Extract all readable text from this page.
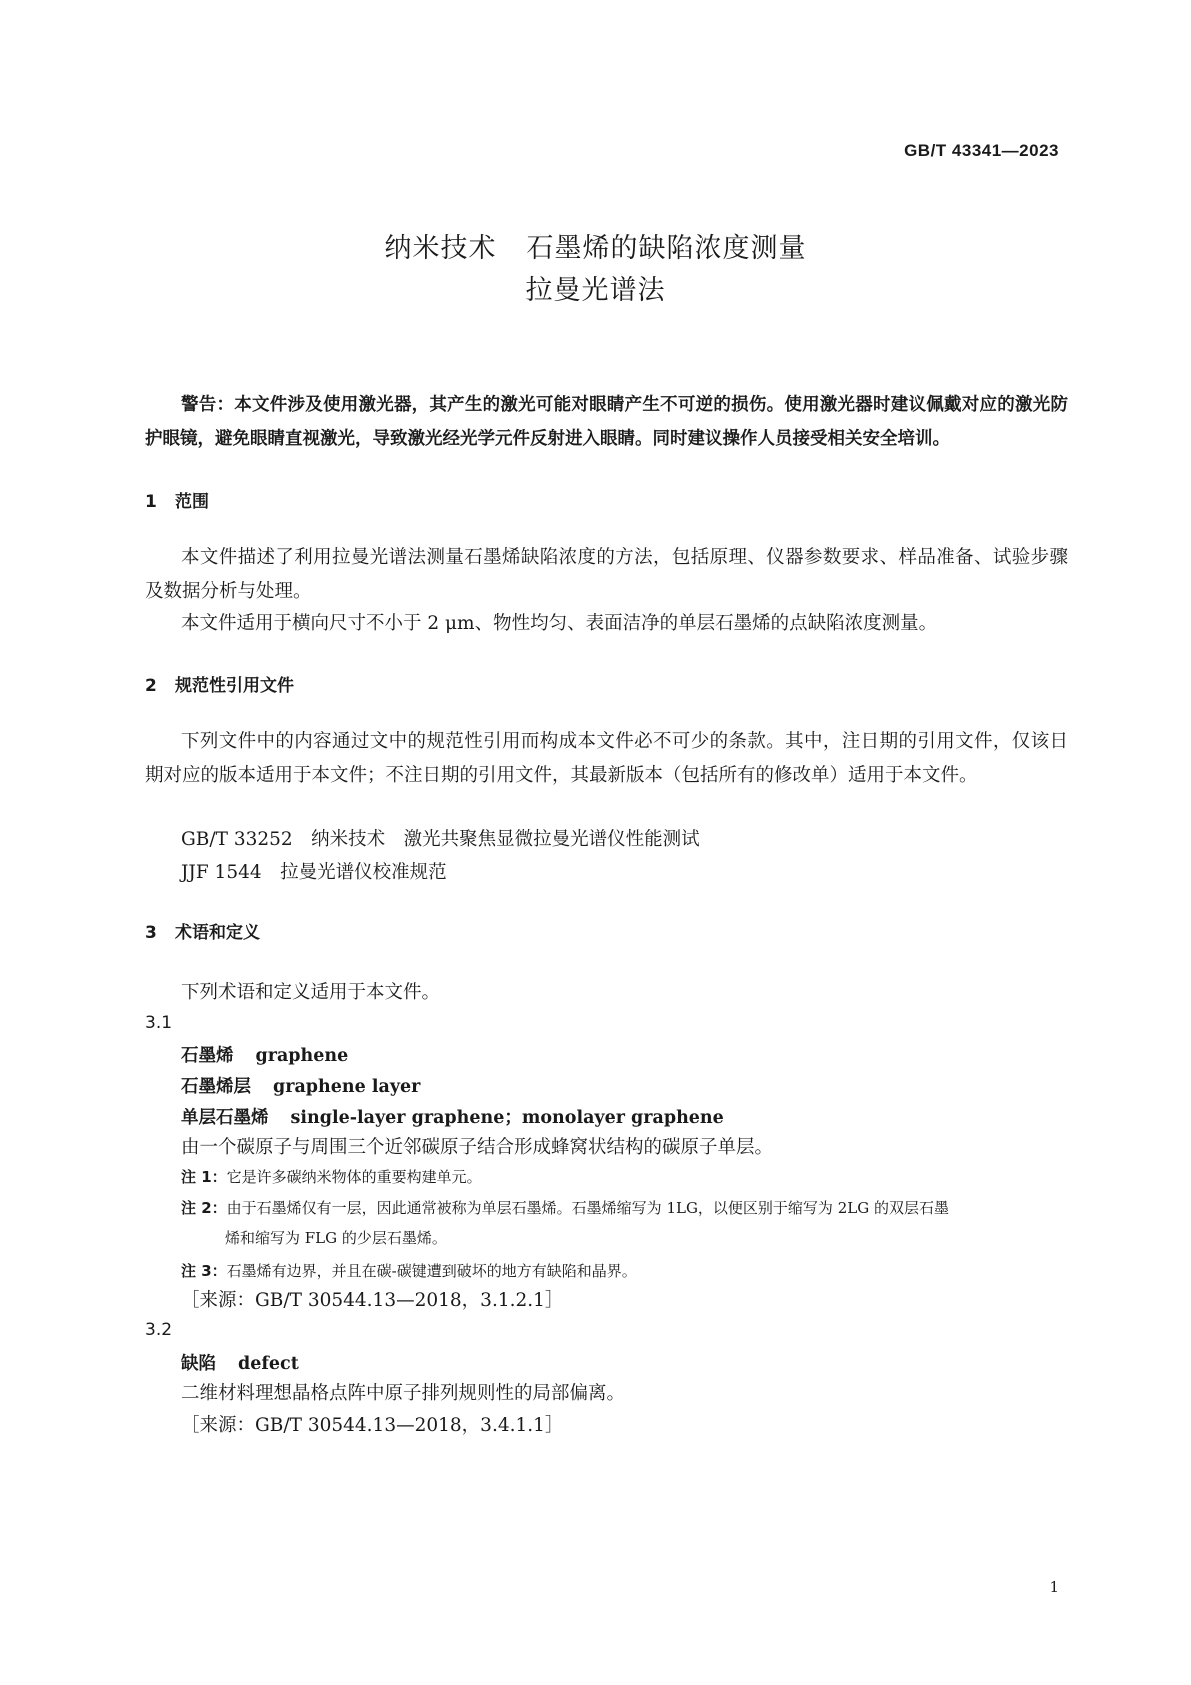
GB/T 43341—2023
纳米技术 石墨烯的缺陷浓度测量
拉曼光谱法
警告：本文件涉及使用激光器，其产生的激光可能对眼睛产生不可逆的损伤。使用激光器时建议佩戴对应的激光防护眼镜，避免眼睛直视激光，导致激光经光学元件反射进入眼睛。同时建议操作人员接受相关安全培训。
1 范围
本文件描述了利用拉曼光谱法测量石墨烯缺陷浓度的方法，包括原理、仪器参数要求、样品准备、试验步骤及数据分析与处理。
本文件适用于横向尺寸不小于 2 μm、物性均匀、表面洁净的单层石墨烯的点缺陷浓度测量。
2 规范性引用文件
下列文件中的内容通过文中的规范性引用而构成本文件必不可少的条款。其中，注日期的引用文件，仅该日期对应的版本适用于本文件；不注日期的引用文件，其最新版本（包括所有的修改单）适用于本文件。
GB/T 33252　纳米技术　激光共聚焦显微拉曼光谱仪性能测试
JJF 1544　拉曼光谱仪校准规范
3 术语和定义
下列术语和定义适用于本文件。
3.1
石墨烯 graphene
石墨烯层 graphene layer
单层石墨烯 single-layer graphene；monolayer graphene
由一个碳原子与周围三个近邻碳原子结合形成蜂窝状结构的碳原子单层。
注 1：它是许多碳纳米物体的重要构建单元。
注 2：由于石墨烯仅有一层，因此通常被称为单层石墨烯。石墨烯缩写为 1LG，以便区别于缩写为 2LG 的双层石墨
烯和缩写为 FLG 的少层石墨烯。
注 3：石墨烯有边界，并且在碳-碳键遭到破坏的地方有缺陷和晶界。
［来源：GB/T 30544.13—2018，3.1.2.1］
3.2
缺陷 defect
二维材料理想晶格点阵中原子排列规则性的局部偏离。
［来源：GB/T 30544.13—2018，3.4.1.1］
1
